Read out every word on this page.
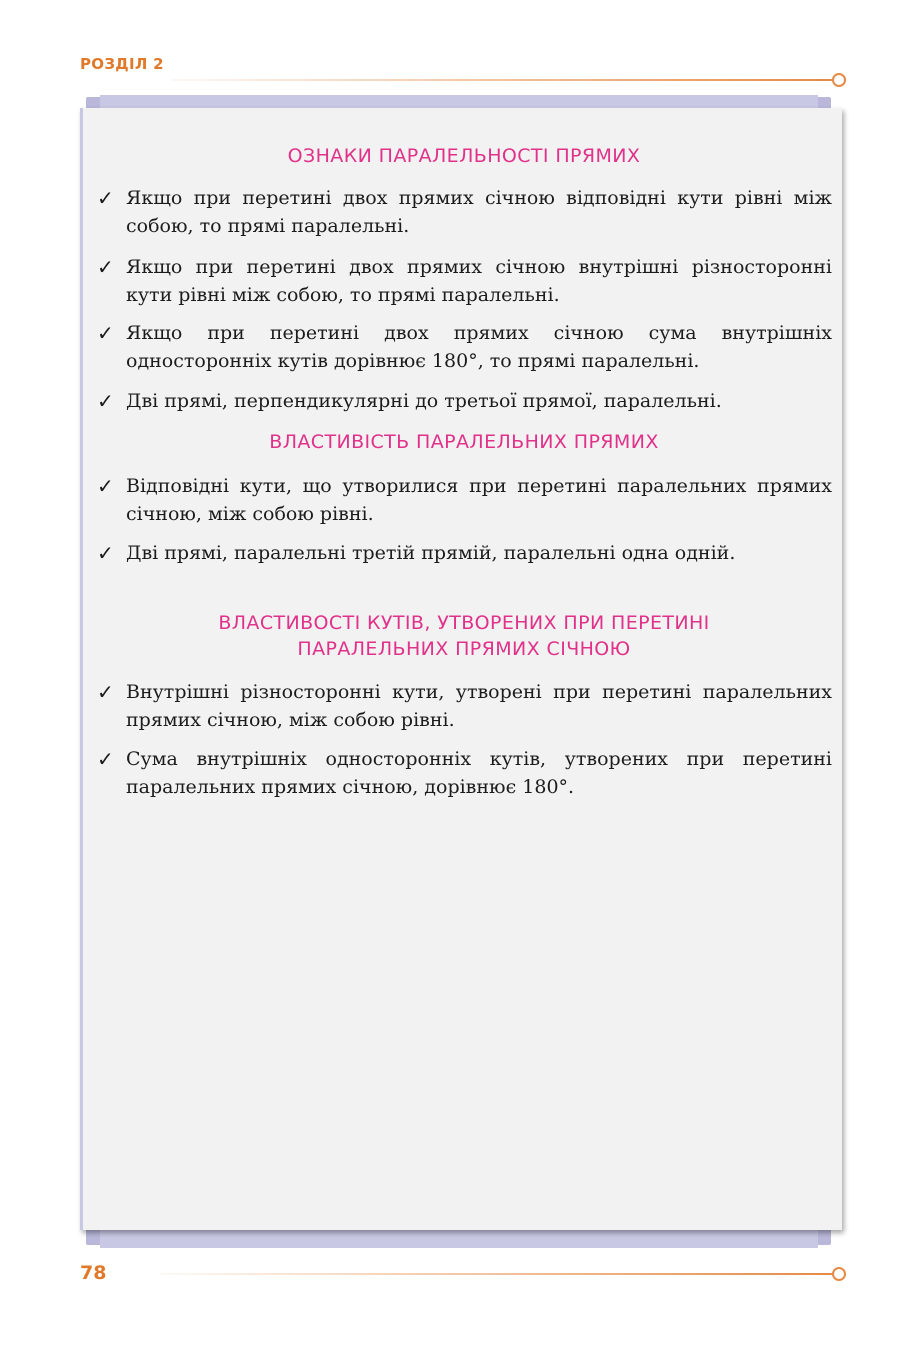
РОЗДІЛ 2
ОЗНАКИ ПАРАЛЕЛЬНОСТІ ПРЯМИХ
✓ Якщо при перетині двох прямих січною відповідні кути рівні між собою, то прямі паралельні.
✓ Якщо при перетині двох прямих січною внутрішні різносторонні кути рівні між собою, то прямі паралельні.
✓ Якщо при перетині двох прямих січною сума внутрішніх односторонніх кутів дорівнює 180°, то прямі паралельні.
✓ Дві прямі, перпендикулярні до третьої прямої, паралельні.
ВЛАСТИВІСТЬ ПАРАЛЕЛЬНИХ ПРЯМИХ
✓ Відповідні кути, що утворилися при перетині паралельних прямих січною, між собою рівні.
✓ Дві прямі, паралельні третій прямій, паралельні одна одній.
ВЛАСТИВОСТІ КУТІВ, УТВОРЕНИХ ПРИ ПЕРЕТИНІ
ПАРАЛЕЛЬНИХ ПРЯМИХ СІЧНОЮ
✓ Внутрішні різносторонні кути, утворені при перетині паралельних прямих січною, між собою рівні.
✓ Сума внутрішніх односторонніх кутів, утворених при перетині паралельних прямих січною, дорівнює 180°.
78
